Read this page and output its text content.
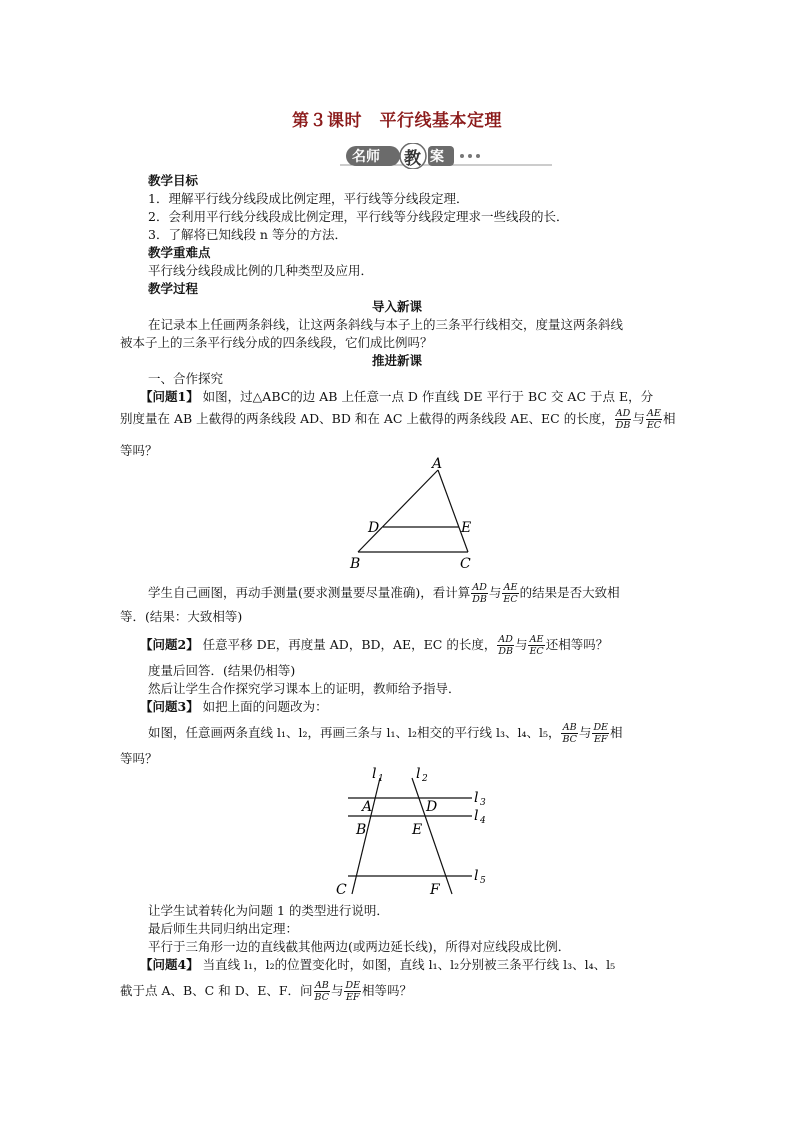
第３课时　平行线基本定理
名师 教 案
教学目标
1．理解平行线分线段成比例定理，平行线等分线段定理．
2．会利用平行线分线段成比例定理，平行线等分线段定理求一些线段的长．
3．了解将已知线段 n 等分的方法．
教学重难点
平行线分线段成比例的几种类型及应用．
教学过程
导入新课
在记录本上任画两条斜线，让这两条斜线与本子上的三条平行线相交，度量这两条斜线
被本子上的三条平行线分成的四条线段，它们成比例吗？
推进新课
一、合作探究
【问题1】 如图，过△ABC的边 AB 上任意一点 D 作直线 DE 平行于 BC 交 AC 于点 E，分
别度量在 AB 上截得的两条线段 AD、BD 和在 AC 上截得的两条线段 AE、EC 的长度， $\frac{AD}{DB}$ 与 $\frac{AE}{EC}$ 相
等吗？
A
D	E
B	C
学生自己画图，再动手测量(要求测量要尽量准确)，看计算 $\frac{AD}{DB}$ 与 $\frac{AE}{EC}$ 的结果是否大致相
等．(结果：大致相等)
【问题2】 任意平移 DE，再度量 AD，BD，AE，EC 的长度， $\frac{AD}{DB}$ 与 $\frac{AE}{EC}$ 还相等吗？
度量后回答．(结果仍相等)
然后让学生合作探究学习课本上的证明，教师给予指导．
【问题3】 如把上面的问题改为：
如图，任意画两条直线 l₁、l₂，再画三条与 l₁、l₂相交的平行线 l₃、l₄、l₅， $\frac{AB}{BC}$ 与 $\frac{DE}{EF}$ 相
等吗？
l 1 l 2
l 3
l 4
l 5
A	D
B	E
C	F
让学生试着转化为问题 1 的类型进行说明．
最后师生共同归纳出定理：
平行于三角形一边的直线截其他两边(或两边延长线)，所得对应线段成比例．
【问题4】 当直线 l₁，l₂的位置变化时，如图，直线 l₁、l₂分别被三条平行线 l₃、l₄、l₅
截于点 A、B、C 和 D、E、F．问 $\frac{AB}{BC}$ 与 $\frac{DE}{EF}$ 相等吗？
